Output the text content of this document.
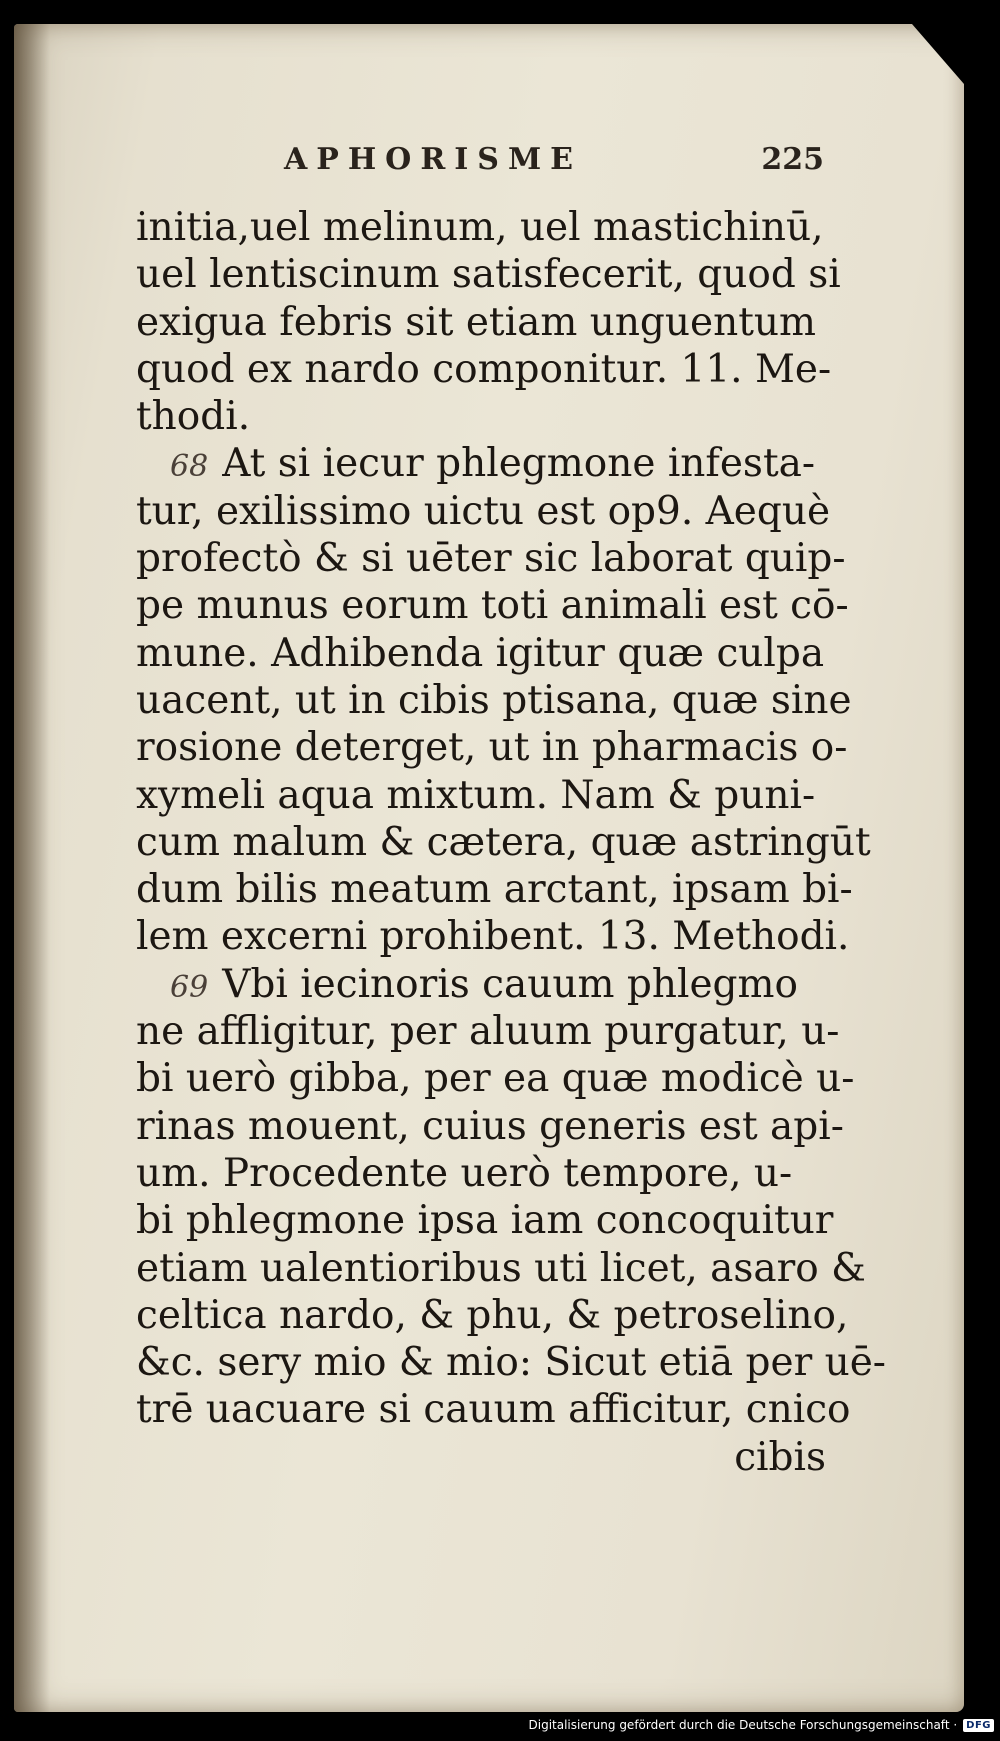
APHORISME	225
initia,uel melinum, uel mastichinū,
uel lentiscinum satisfecerit, quod si
exigua febris sit etiam unguentum
quod ex nardo componitur. 11. Me-
thodi.
68 At si iecur phlegmone infesta-
tur, exilissimo uictu est op9. Aequè
profectò & si uēter sic laborat quip-
pe munus eorum toti animali est cō-
mune. Adhibenda igitur quæ culpa
uacent, ut in cibis ptisana, quæ sine
rosione deterget, ut in pharmacis o-
xymeli aqua mixtum. Nam & puni-
cum malum & cætera, quæ astringūt
dum bilis meatum arctant, ipsam bi-
lem excerni prohibent. 13. Methodi.
69 Vbi iecinoris cauum phlegmo
ne affligitur, per aluum purgatur, u-
bi uerò gibba, per ea quæ modicè u-
rinas mouent, cuius generis est api-
um. Procedente uerò tempore, u-
bi phlegmone ipsa iam concoquitur
etiam ualentioribus uti licet, asaro &
celtica nardo, & phu, & petroselino,
&c. sery mio & mio: Sicut etiā per uē-
trē uacuare si cauum afficitur, cnico
cibis
Digitalisierung gefördert durch die Deutsche Forschungsgemeinschaft · DFG
